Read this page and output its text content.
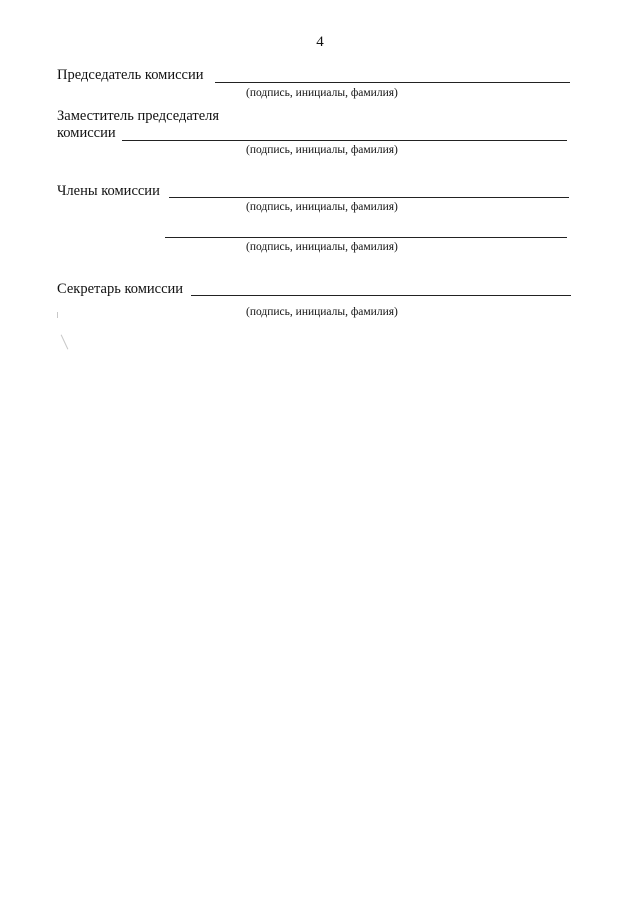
4
Председатель комиссии
(подпись, инициалы, фамилия)
Заместитель председателя
комиссии
(подпись, инициалы, фамилия)
Члены комиссии
(подпись, инициалы, фамилия)
(подпись, инициалы, фамилия)
Секретарь комиссии
(подпись, инициалы, фамилия)
